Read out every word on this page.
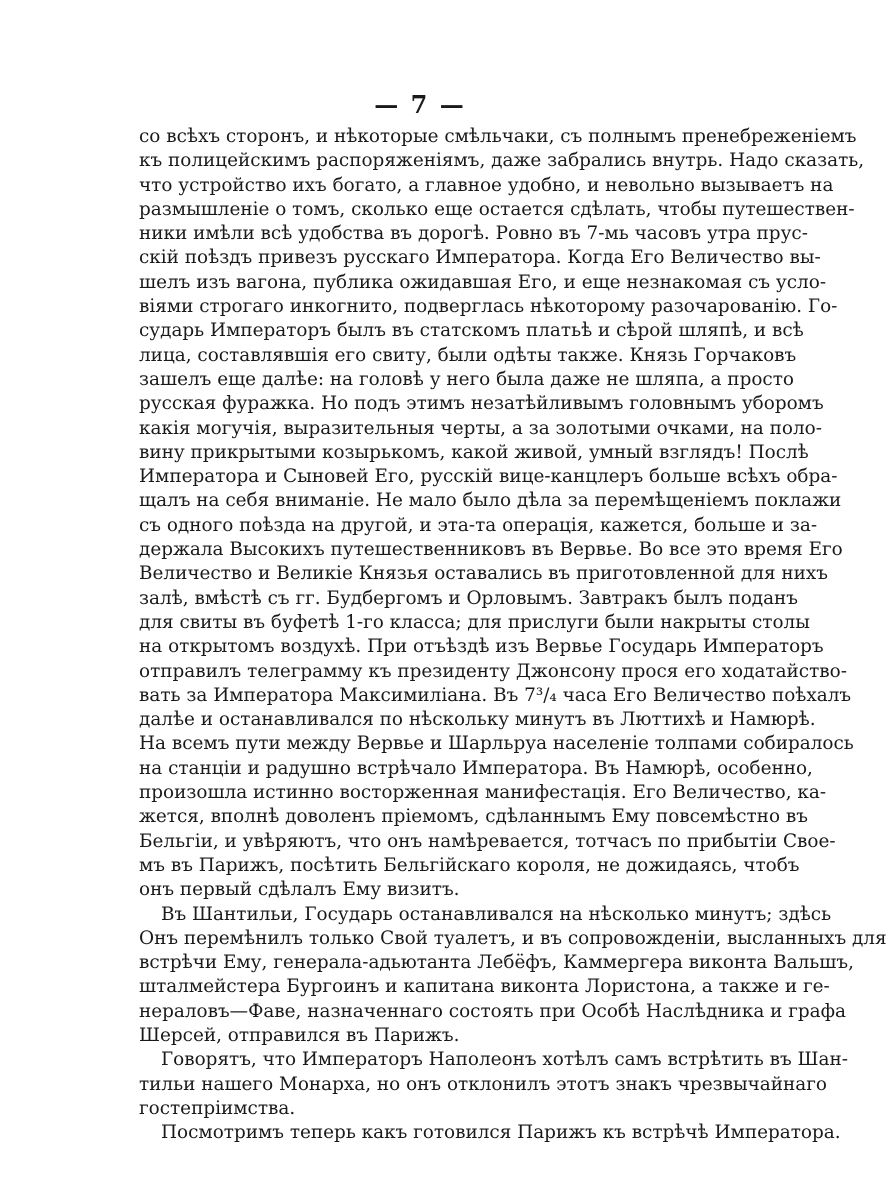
— 7 —
со всѣхъ сторонъ, и нѣкоторые смѣльчаки, съ полнымъ пренебреженіемъ
къ полицейскимъ распоряженіямъ, даже забрались внутрь. Надо сказать,
что устройство ихъ богато, а главное удобно, и невольно вызываетъ на
размышленіе о томъ, сколько еще остается сдѣлать, чтобы путешествен-
ники имѣли всѣ удобства въ дорогѣ. Ровно въ 7-мь часовъ утра прус-
скій поѣздъ привезъ русскаго Императора. Когда Его Величество вы-
шелъ изъ вагона, публика ожидавшая Его, и еще незнакомая съ усло-
віями строгаго инкогнито, подверглась нѣкоторому разочарованію. Го-
сударь Императоръ былъ въ статскомъ платьѣ и сѣрой шляпѣ, и всѣ
лица, составлявшія его свиту, были одѣты также. Князь Горчаковъ
зашелъ еще далѣе: на головѣ у него была даже не шляпа, а просто
русская фуражка. Но подъ этимъ незатѣйливымъ головнымъ уборомъ
какія могучія, выразительныя черты, а за золотыми очками, на поло-
вину прикрытыми козырькомъ, какой живой, умный взглядъ! Послѣ
Императора и Сыновей Его, русскій вице-канцлеръ больше всѣхъ обра-
щалъ на себя вниманіе. Не мало было дѣла за перемѣщеніемъ поклажи
съ одного поѣзда на другой, и эта-та операція, кажется, больше и за-
держала Высокихъ путешественниковъ въ Вервье. Во все это время Его
Величество и Великіе Князья оставались въ приготовленной для нихъ
залѣ, вмѣстѣ съ гг. Будбергомъ и Орловымъ. Завтракъ былъ поданъ
для свиты въ буфетѣ 1-го класса; для прислуги были накрыты столы
на открытомъ воздухѣ. При отъѣздѣ изъ Вервье Государь Императоръ
отправилъ телеграмму къ президенту Джонсону прося его ходатайство-
вать за Императора Максимиліана. Въ 7³/₄ часа Его Величество поѣхалъ
далѣе и останавливался по нѣскольку минутъ въ Люттихѣ и Намюрѣ.
На всемъ пути между Вервье и Шарльруа населеніе толпами собиралось
на станціи и радушно встрѣчало Императора. Въ Намюрѣ, особенно,
произошла истинно восторженная манифестація. Его Величество, ка-
жется, вполнѣ доволенъ пріемомъ, сдѣланнымъ Ему повсемѣстно въ
Бельгіи, и увѣряютъ, что онъ намѣревается, тотчасъ по прибытіи Свое-
мъ въ Парижъ, посѣтить Бельгійскаго короля, не дожидаясь, чтобъ
онъ первый сдѣлалъ Ему визитъ.
Въ Шантильи, Государь останавливался на нѣсколько минутъ; здѣсь
Онъ перемѣнилъ только Свой туалетъ, и въ сопровожденіи, высланныхъ для
встрѣчи Ему, генерала-адьютанта Лебёфъ, Каммергера виконта Вальшъ,
шталмейстера Бургоинъ и капитана виконта Лористона, а также и ге-
нераловъ—Фаве, назначеннаго состоять при Особѣ Наслѣдника и графа
Шерсей, отправился въ Парижъ.
Говорятъ, что Императоръ Наполеонъ хотѣлъ самъ встрѣтить въ Шан-
тильи нашего Монарха, но онъ отклонилъ этотъ знакъ чрезвычайнаго
гостепріимства.
Посмотримъ теперь какъ готовился Парижъ къ встрѣчѣ Императора.
